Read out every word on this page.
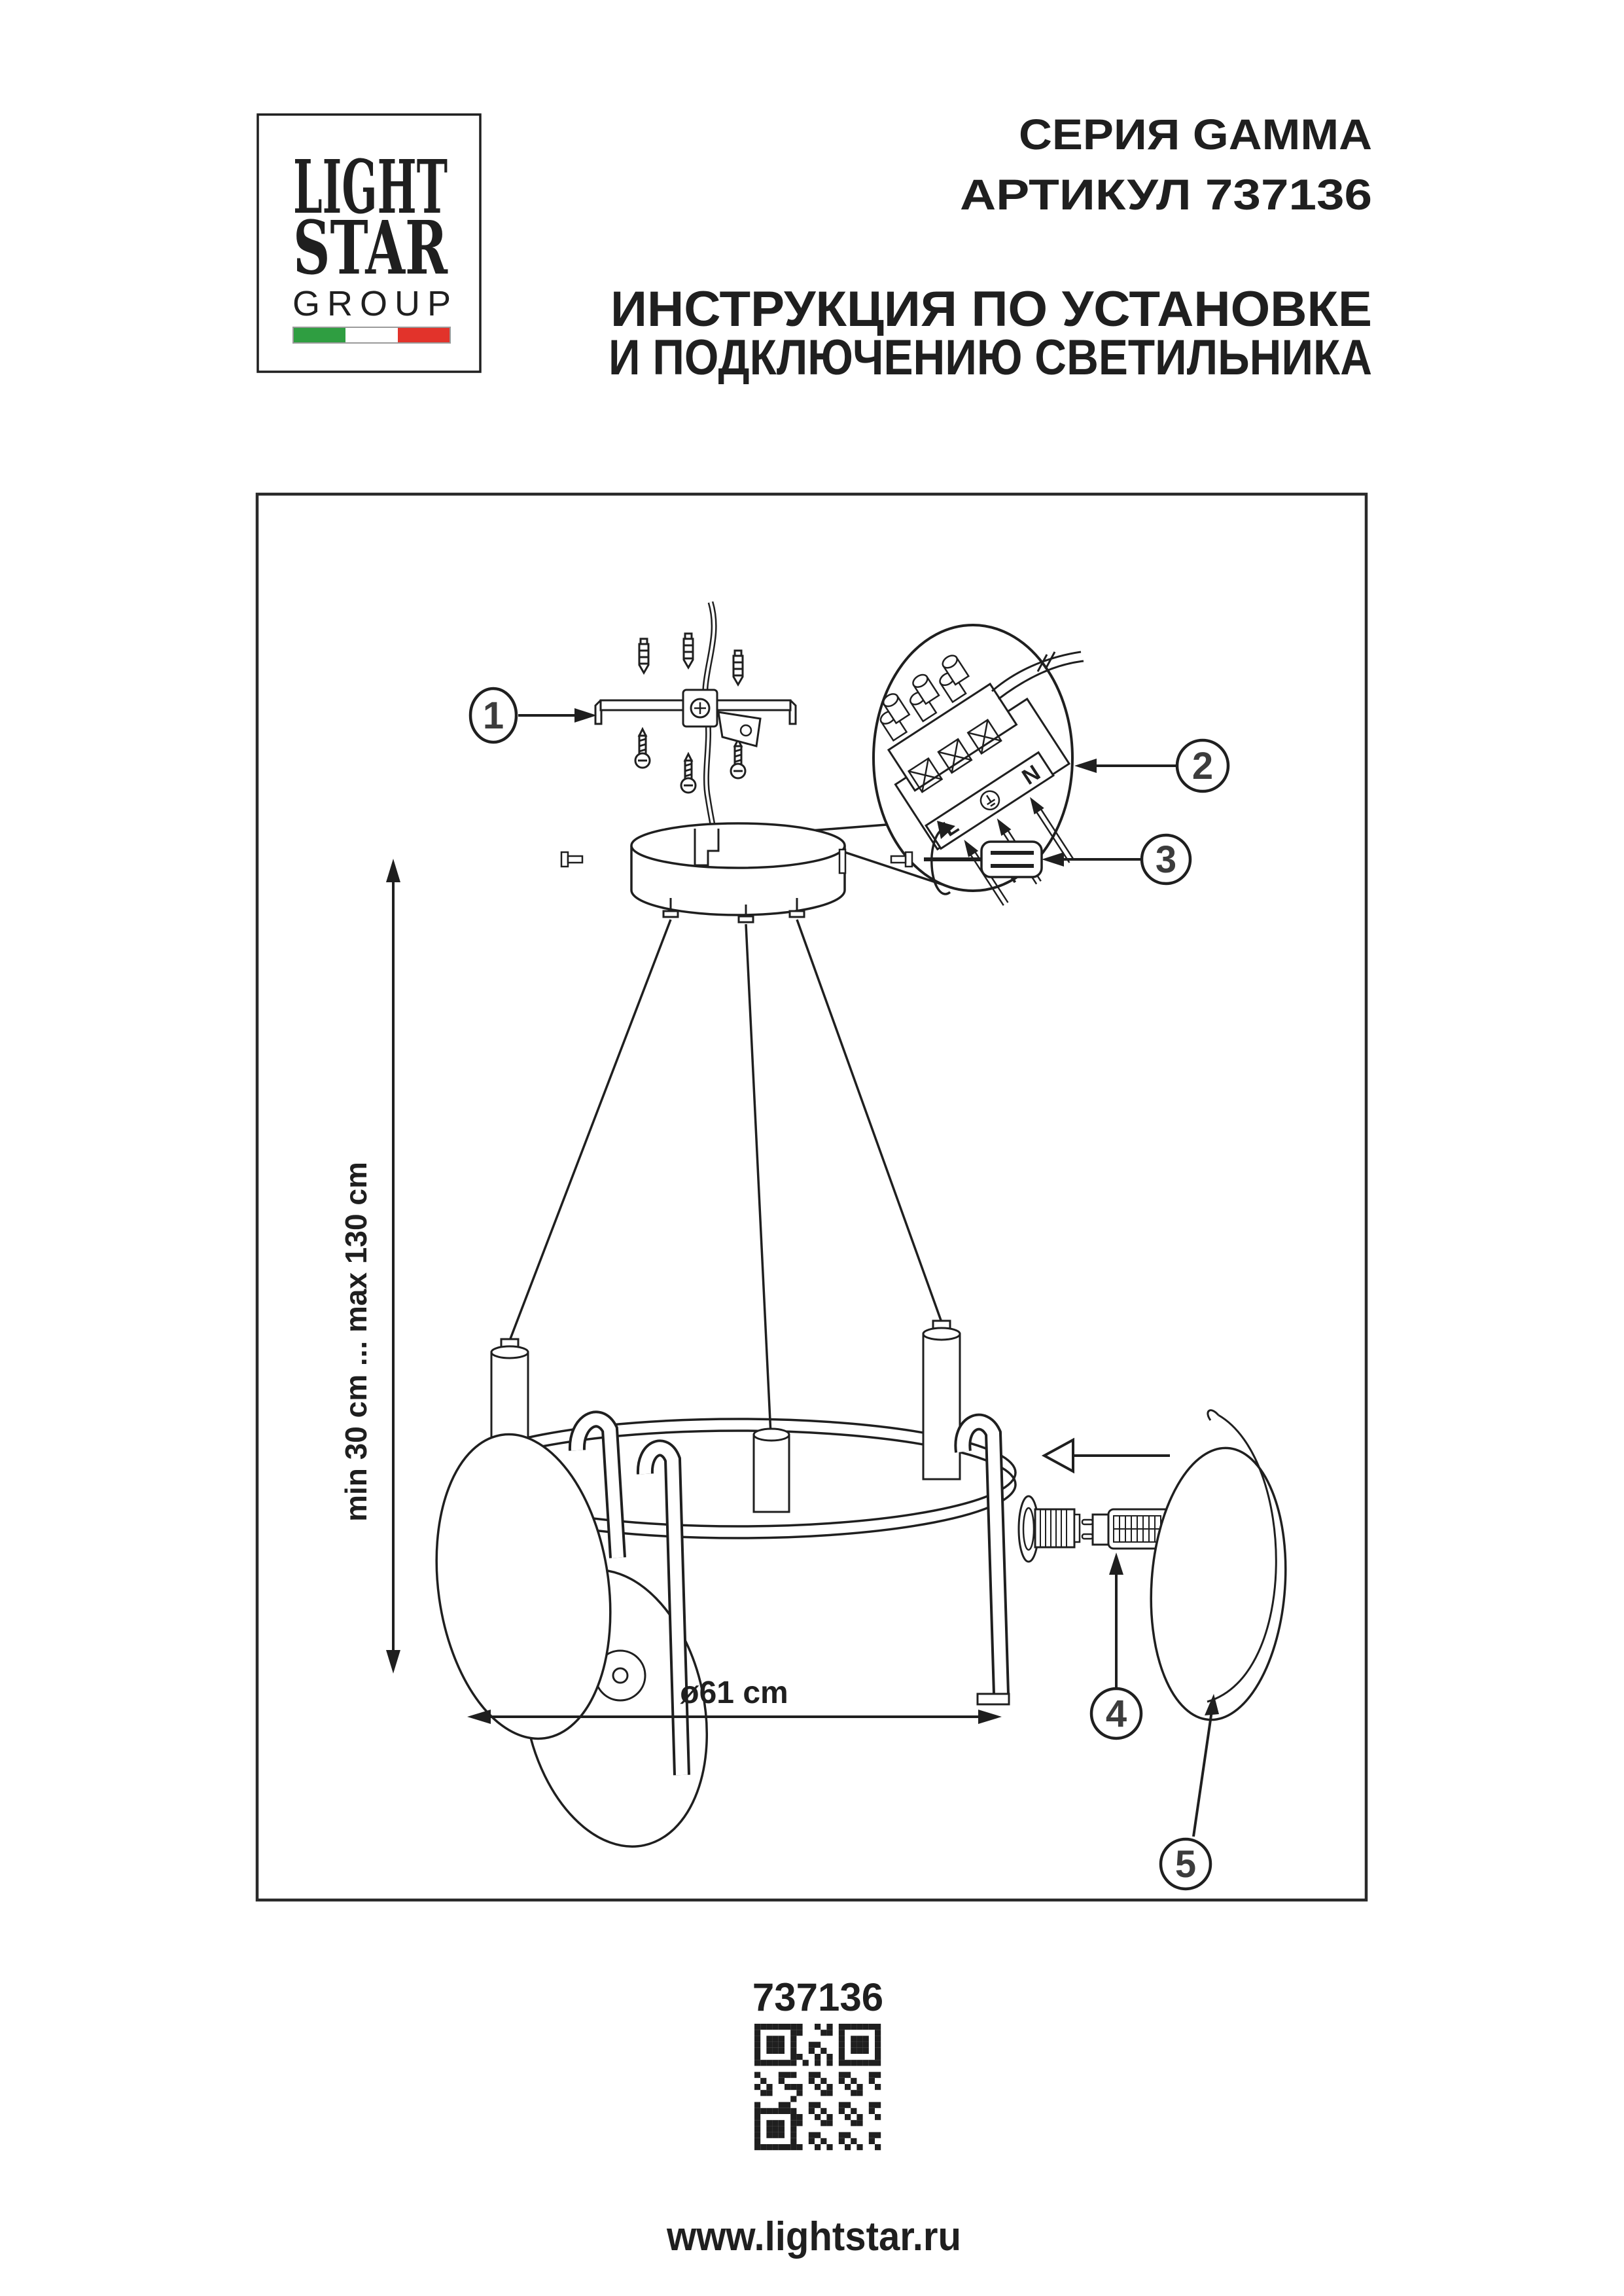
LIGHT
STAR
GROUP
СЕРИЯ GAMMA
АРТИКУЛ 737136
ИНСТРУКЦИЯ ПО УСТАНОВКЕ
И ПОДКЛЮЧЕНИЮ СВЕТИЛЬНИКА
1
N	2
3
4
5
min 30 cm ... max 130 cm
ø61 cm
737136
www.lightstar.ru
